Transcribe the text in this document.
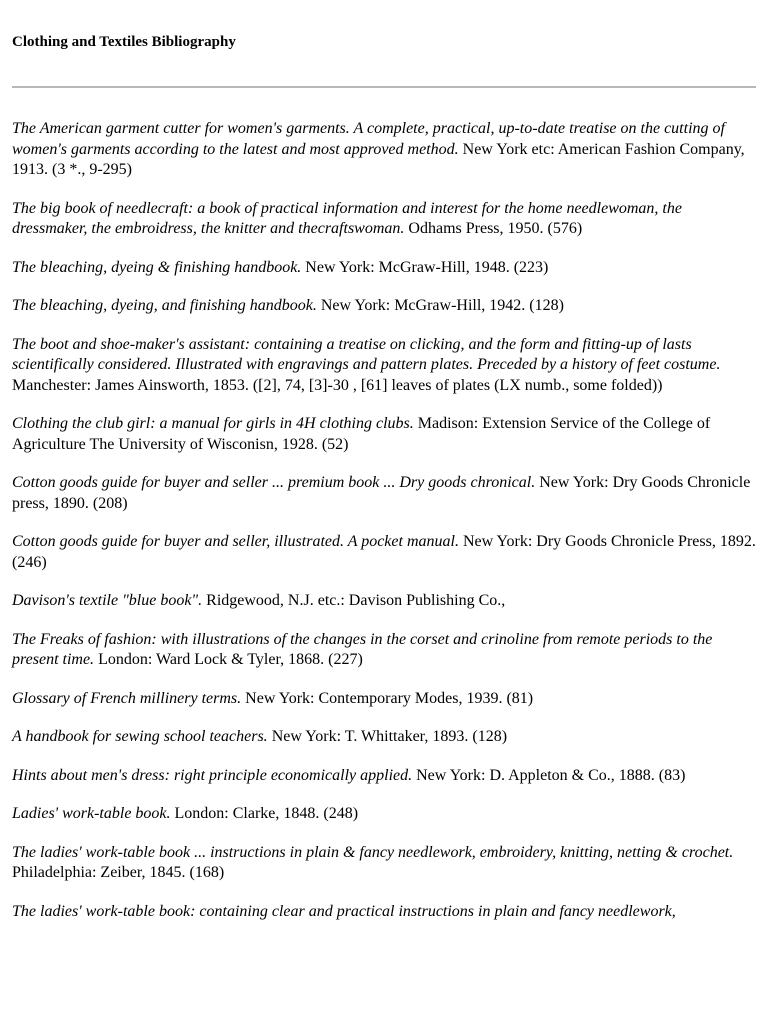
Clothing and Textiles Bibliography

The American garment cutter for women's garments. A complete, practical, up-to-date treatise on the cutting of women's garments according to the latest and most approved method. New York etc: American Fashion Company, 1913. (3 *., 9-295)

The big book of needlecraft: a book of practical information and interest for the home needlewoman, the dressmaker, the embroidress, the knitter and thecraftswoman. Odhams Press, 1950. (576)

The bleaching, dyeing & finishing handbook. New York: McGraw-Hill, 1948. (223)

The bleaching, dyeing, and finishing handbook. New York: McGraw-Hill, 1942. (128)

The boot and shoe-maker's assistant: containing a treatise on clicking, and the form and fitting-up of lasts scientifically considered. Illustrated with engravings and pattern plates. Preceded by a history of feet costume. Manchester: James Ainsworth, 1853. ([2], 74, [3]-30 , [61] leaves of plates (LX numb., some folded))

Clothing the club girl: a manual for girls in 4H clothing clubs. Madison: Extension Service of the College of Agriculture The University of Wisconisn, 1928. (52)

Cotton goods guide for buyer and seller ... premium book ... Dry goods chronical. New York: Dry Goods Chronicle press, 1890. (208)

Cotton goods guide for buyer and seller, illustrated. A pocket manual. New York: Dry Goods Chronicle Press, 1892. (246)

Davison's textile "blue book". Ridgewood, N.J. etc.: Davison Publishing Co.,

The Freaks of fashion: with illustrations of the changes in the corset and crinoline from remote periods to the present time. London: Ward Lock & Tyler, 1868. (227)

Glossary of French millinery terms. New York: Contemporary Modes, 1939. (81)

A handbook for sewing school teachers. New York: T. Whittaker, 1893. (128)

Hints about men's dress: right principle economically applied. New York: D. Appleton & Co., 1888. (83)

Ladies' work-table book. London: Clarke, 1848. (248)

The ladies' work-table book ... instructions in plain & fancy needlework, embroidery, knitting, netting & crochet. Philadelphia: Zeiber, 1845. (168)

The ladies' work-table book: containing clear and practical instructions in plain and fancy needlework,
